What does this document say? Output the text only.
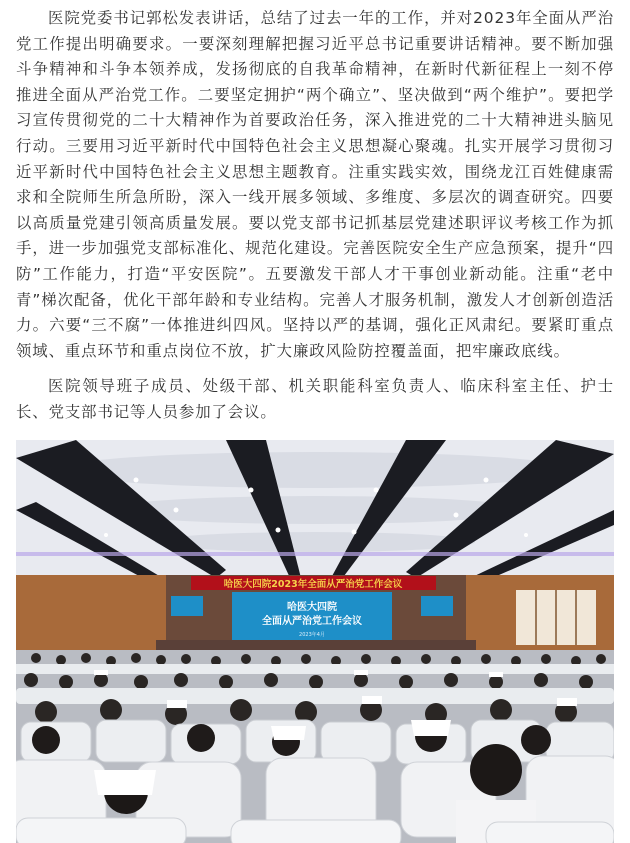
医院党委书记郭松发表讲话，总结了过去一年的工作，并对2023年全面从严治党工作提出明确要求。一要深刻理解把握习近平总书记重要讲话精神。要不断加强斗争精神和斗争本领养成，发扬彻底的自我革命精神，在新时代新征程上一刻不停推进全面从严治党工作。二要坚定拥护“两个确立”、坚决做到“两个维护”。要把学习宣传贯彻党的二十大精神作为首要政治任务，深入推进党的二十大精神进头脑见行动。三要用习近平新时代中国特色社会主义思想凝心聚魂。扎实开展学习贯彻习近平新时代中国特色社会主义思想主题教育。注重实践实效，围绕龙江百姓健康需求和全院师生所急所盼，深入一线开展多领域、多维度、多层次的调查研究。四要以高质量党建引领高质量发展。要以党支部书记抓基层党建述职评议考核工作为抓手，进一步加强党支部标准化、规范化建设。完善医院安全生产应急预案，提升“四防”工作能力，打造“平安医院”。五要激发干部人才干事创业新动能。注重“老中青”梯次配备，优化干部年龄和专业结构。完善人才服务机制，激发人才创新创造活力。六要“三不腐”一体推进纠四风。坚持以严的基调，强化正风肃纪。要紧盯重点领域、重点环节和重点岗位不放，扩大廉政风险防控覆盖面，把牢廉政底线。

医院领导班子成员、处级干部、机关职能科室负责人、临床科室主任、护士长、党支部书记等人员参加了会议。

哈医大四院2023年全面从严治党工作会议
哈医大四院
全面从严治党工作会议
2023年4月
